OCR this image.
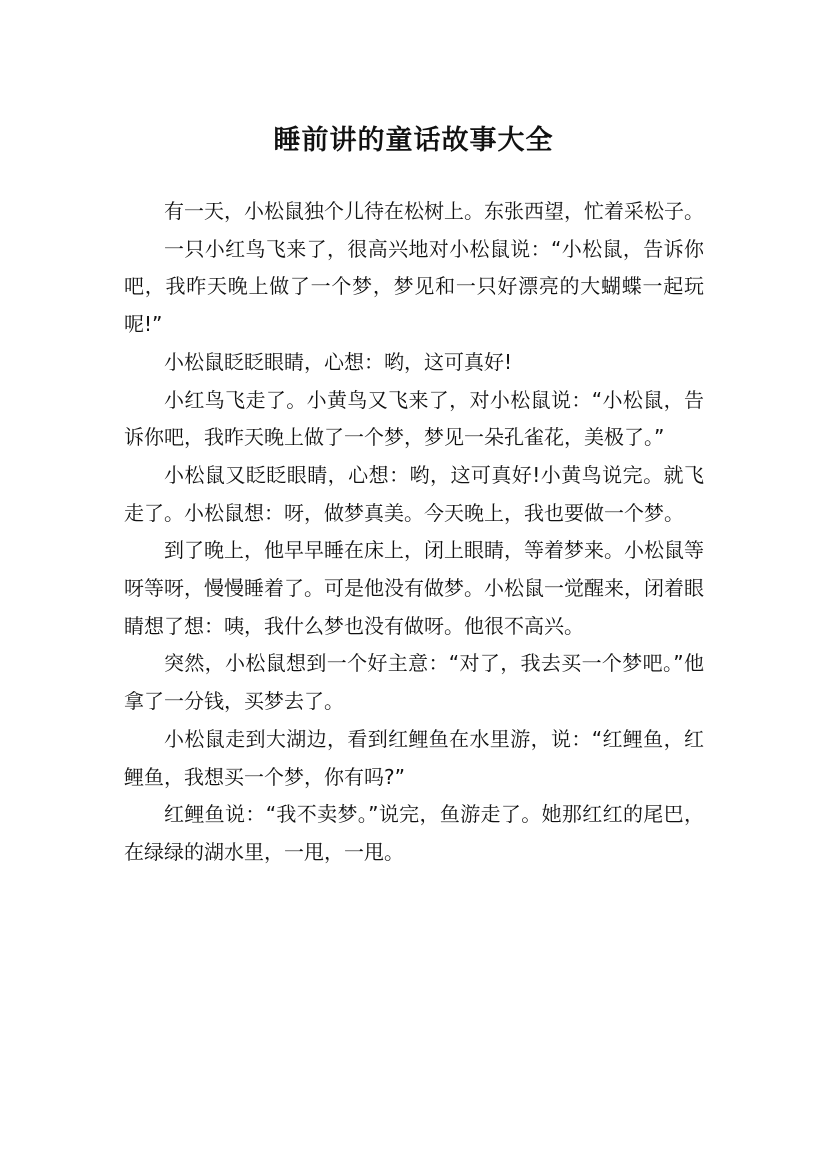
睡前讲的童话故事大全

有一天，小松鼠独个儿待在松树上。东张西望，忙着采松子。

一只小红鸟飞来了，很高兴地对小松鼠说：“小松鼠，告诉你吧，我昨天晚上做了一个梦，梦见和一只好漂亮的大蝴蝶一起玩呢!”

小松鼠眨眨眼睛，心想：哟，这可真好!

小红鸟飞走了。小黄鸟又飞来了，对小松鼠说：“小松鼠，告诉你吧，我昨天晚上做了一个梦，梦见一朵孔雀花，美极了。”

小松鼠又眨眨眼睛，心想：哟，这可真好!小黄鸟说完。就飞走了。小松鼠想：呀，做梦真美。今天晚上，我也要做一个梦。

到了晚上，他早早睡在床上，闭上眼睛，等着梦来。小松鼠等呀等呀，慢慢睡着了。可是他没有做梦。小松鼠一觉醒来，闭着眼睛想了想：咦，我什么梦也没有做呀。他很不高兴。

突然，小松鼠想到一个好主意：“对了，我去买一个梦吧。”他拿了一分钱，买梦去了。

小松鼠走到大湖边，看到红鲤鱼在水里游，说：“红鲤鱼，红鲤鱼，我想买一个梦，你有吗?”

红鲤鱼说：“我不卖梦。”说完，鱼游走了。她那红红的尾巴，在绿绿的湖水里，一甩，一甩。
